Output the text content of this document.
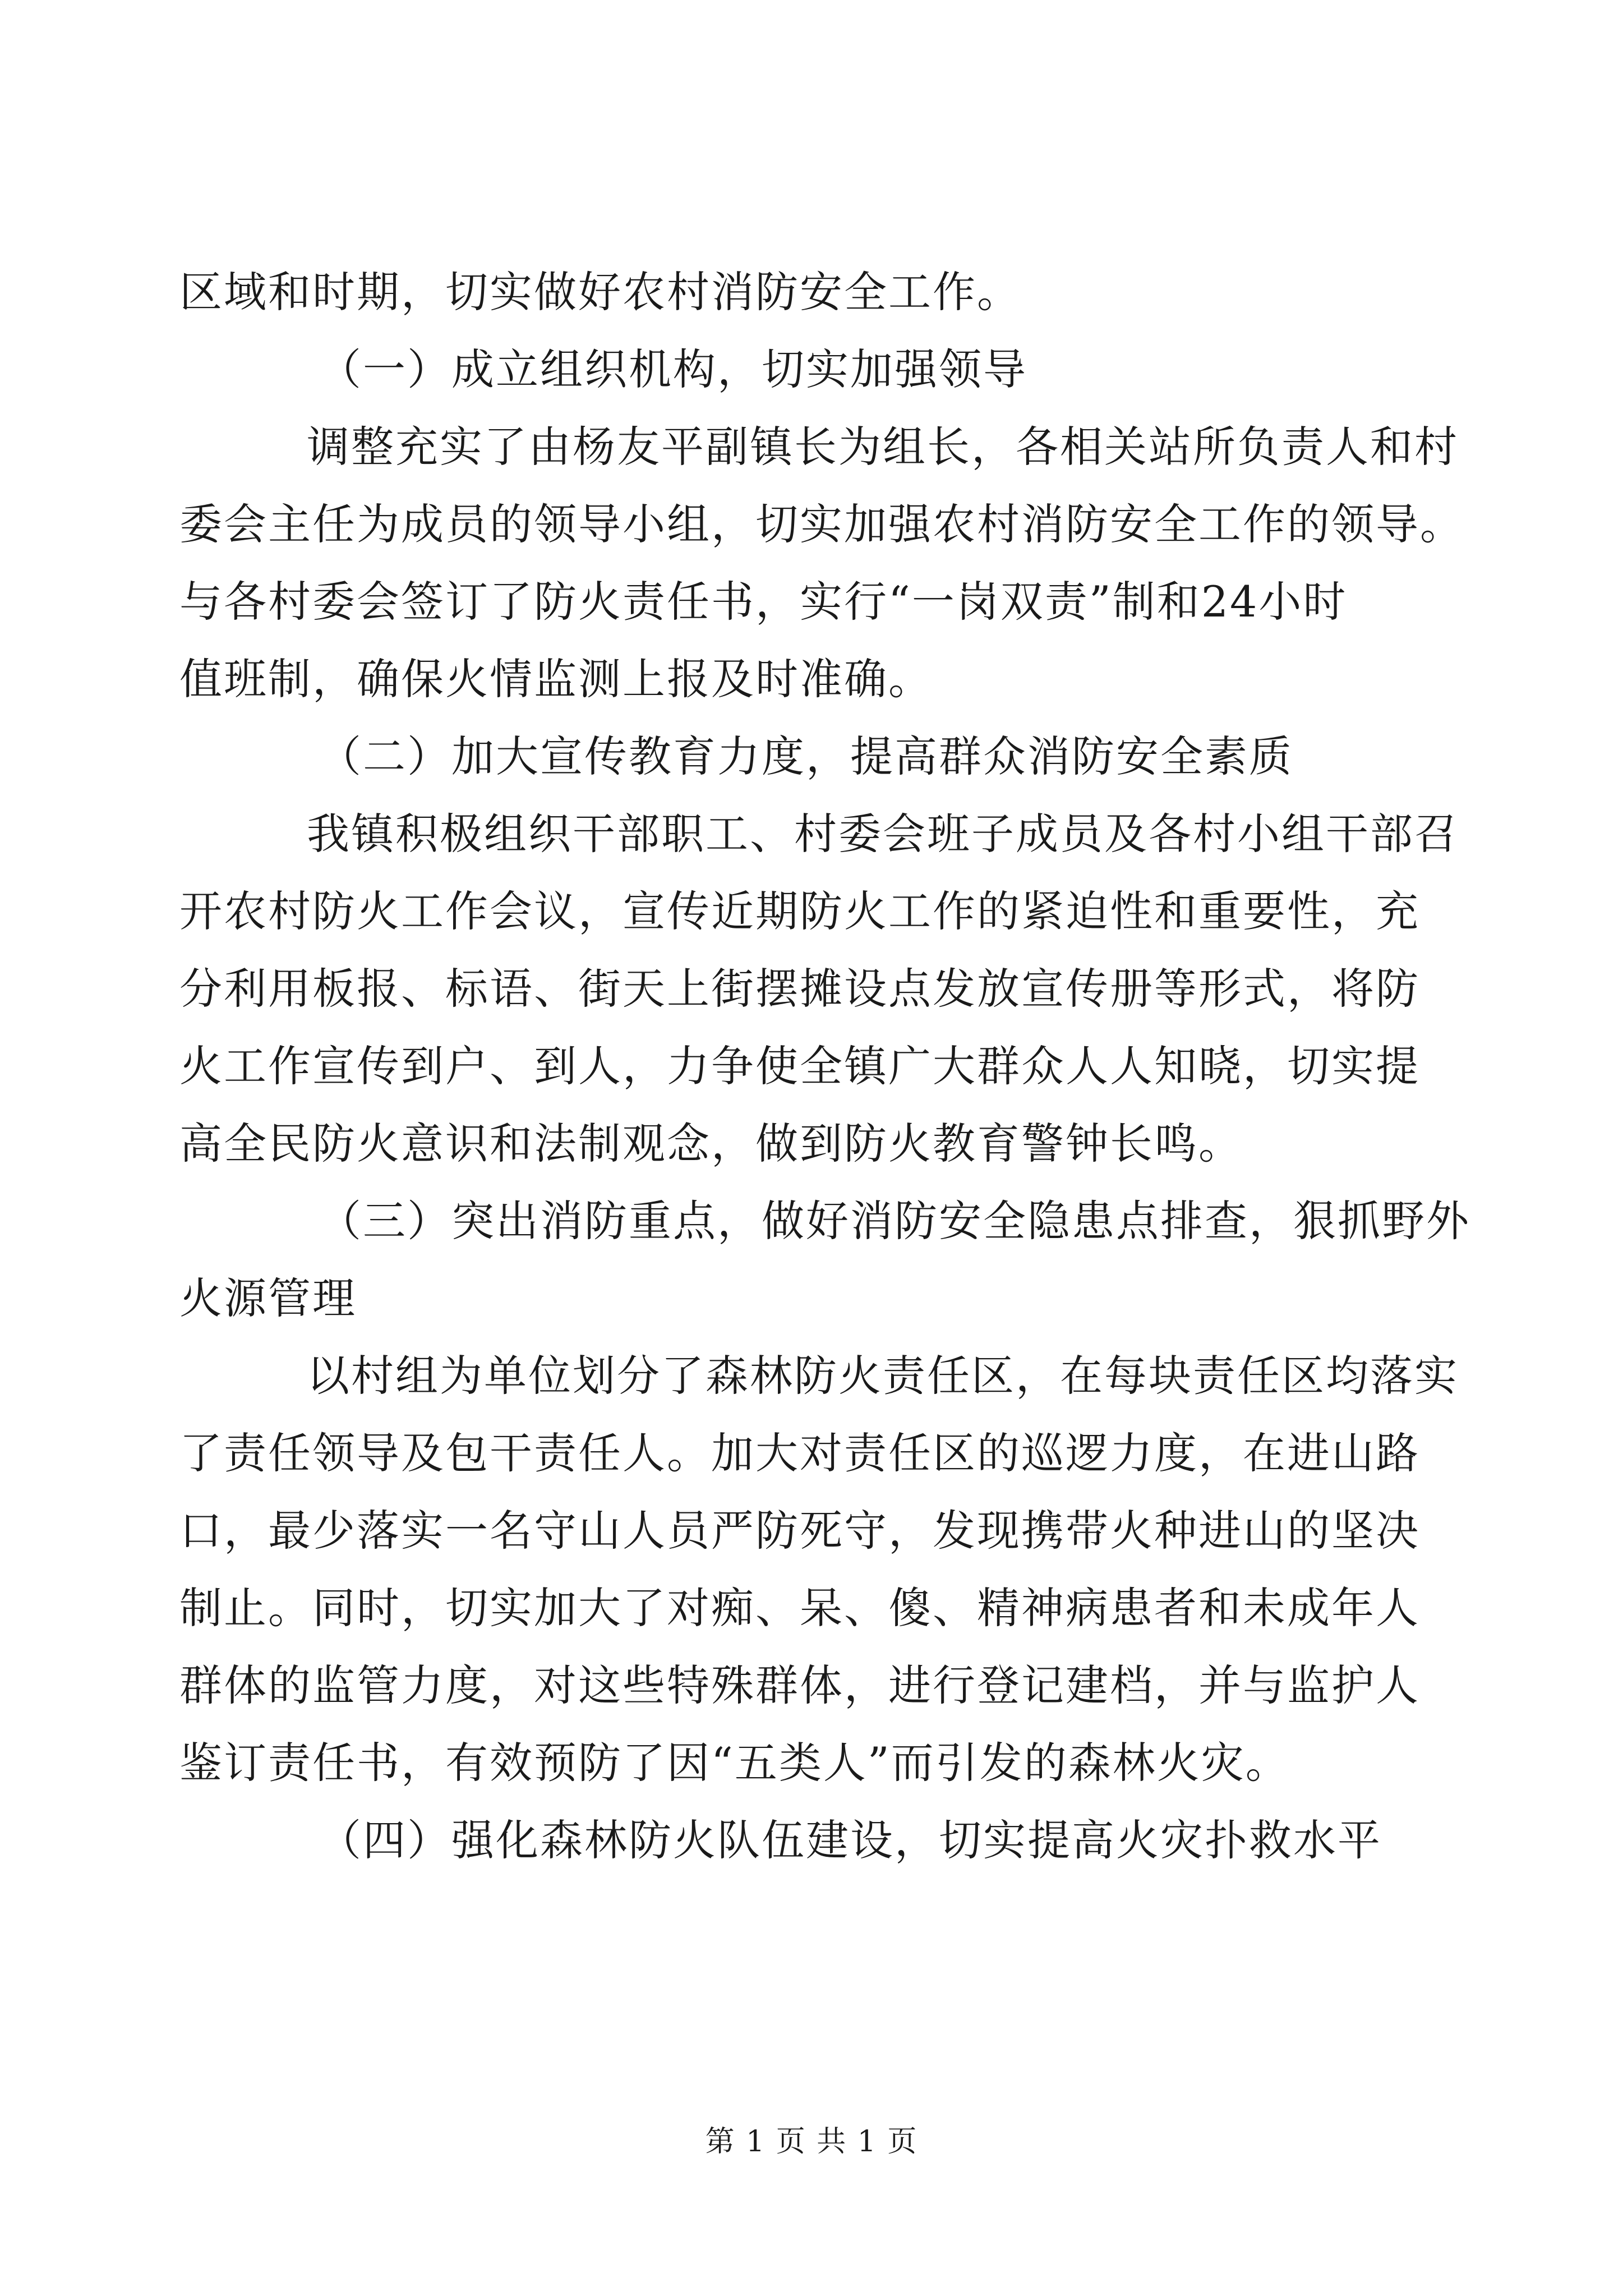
区域和时期，切实做好农村消防安全工作。
（一）成立组织机构，切实加强领导
调整充实了由杨友平副镇长为组长，各相关站所负责人和村
委会主任为成员的领导小组，切实加强农村消防安全工作的领导。
与各村委会签订了防火责任书，实行“一岗双责”制和24小时
值班制，确保火情监测上报及时准确。
（二）加大宣传教育力度，提高群众消防安全素质
我镇积极组织干部职工、村委会班子成员及各村小组干部召
开农村防火工作会议，宣传近期防火工作的紧迫性和重要性，充
分利用板报、标语、街天上街摆摊设点发放宣传册等形式，将防
火工作宣传到户、到人，力争使全镇广大群众人人知晓，切实提
高全民防火意识和法制观念，做到防火教育警钟长鸣。
（三）突出消防重点，做好消防安全隐患点排查，狠抓野外
火源管理
以村组为单位划分了森林防火责任区，在每块责任区均落实
了责任领导及包干责任人。加大对责任区的巡逻力度，在进山路
口，最少落实一名守山人员严防死守，发现携带火种进山的坚决
制止。同时，切实加大了对痴、呆、傻、精神病患者和未成年人
群体的监管力度，对这些特殊群体，进行登记建档，并与监护人
鉴订责任书，有效预防了因“五类人”而引发的森林火灾。
（四）强化森林防火队伍建设，切实提高火灾扑救水平
第 1 页 共 1 页
